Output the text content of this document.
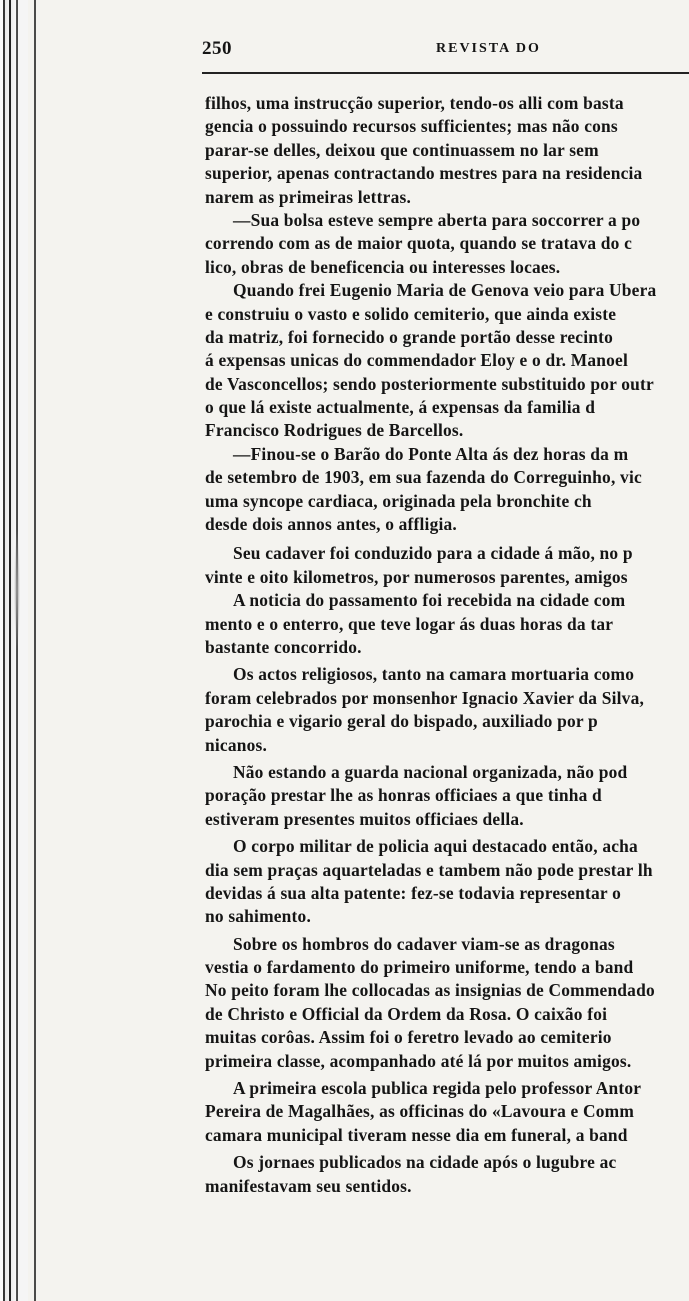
250	REVISTA DO
filhos, uma instrucção superior, tendo-os alli com basta
gencia o possuindo recursos sufficientes; mas não cons
parar-se delles, deixou que continuassem no lar sem
superior, apenas contractando mestres para na residencia
narem as primeiras lettras.
—Sua bolsa esteve sempre aberta para soccorrer a po
correndo com as de maior quota, quando se tratava do c
lico, obras de beneficencia ou interesses locaes.
Quando frei Eugenio Maria de Genova veio para Ubera
e construiu o vasto e solido cemiterio, que ainda existe
da matriz, foi fornecido o grande portão desse recinto
á expensas unicas do commendador Eloy e o dr. Manoel
de Vasconcellos; sendo posteriormente substituido por outr
o que lá existe actualmente, á expensas da familia d
Francisco Rodrigues de Barcellos.
—Finou-se o Barão do Ponte Alta ás dez horas da m
de setembro de 1903, em sua fazenda do Correguinho, vic
uma syncope cardiaca, originada pela bronchite ch
desde dois annos antes, o affligia.
Seu cadaver foi conduzido para a cidade á mão, no p
vinte e oito kilometros, por numerosos parentes, amigos
A noticia do passamento foi recebida na cidade com
mento e o enterro, que teve logar ás duas horas da tar
bastante concorrido.
Os actos religiosos, tanto na camara mortuaria como
foram celebrados por monsenhor Ignacio Xavier da Silva,
parochia e vigario geral do bispado, auxiliado por p
nicanos.
Não estando a guarda nacional organizada, não pod
poração prestar lhe as honras officiaes a que tinha d
estiveram presentes muitos officiaes della.
O corpo militar de policia aqui destacado então, acha
dia sem praças aquarteladas e tambem não pode prestar lh
devidas á sua alta patente: fez-se todavia representar o
no sahimento.
Sobre os hombros do cadaver viam-se as dragonas
vestia o fardamento do primeiro uniforme, tendo a band
No peito foram lhe collocadas as insignias de Commendado
de Christo e Official da Ordem da Rosa. O caixão foi
muitas corôas. Assim foi o feretro levado ao cemiterio
primeira classe, acompanhado até lá por muitos amigos.
A primeira escola publica regida pelo professor Antor
Pereira de Magalhães, as officinas do «Lavoura e Comm
camara municipal tiveram nesse dia em funeral, a band
Os jornaes publicados na cidade após o lugubre ac
manifestavam seu sentidos.
